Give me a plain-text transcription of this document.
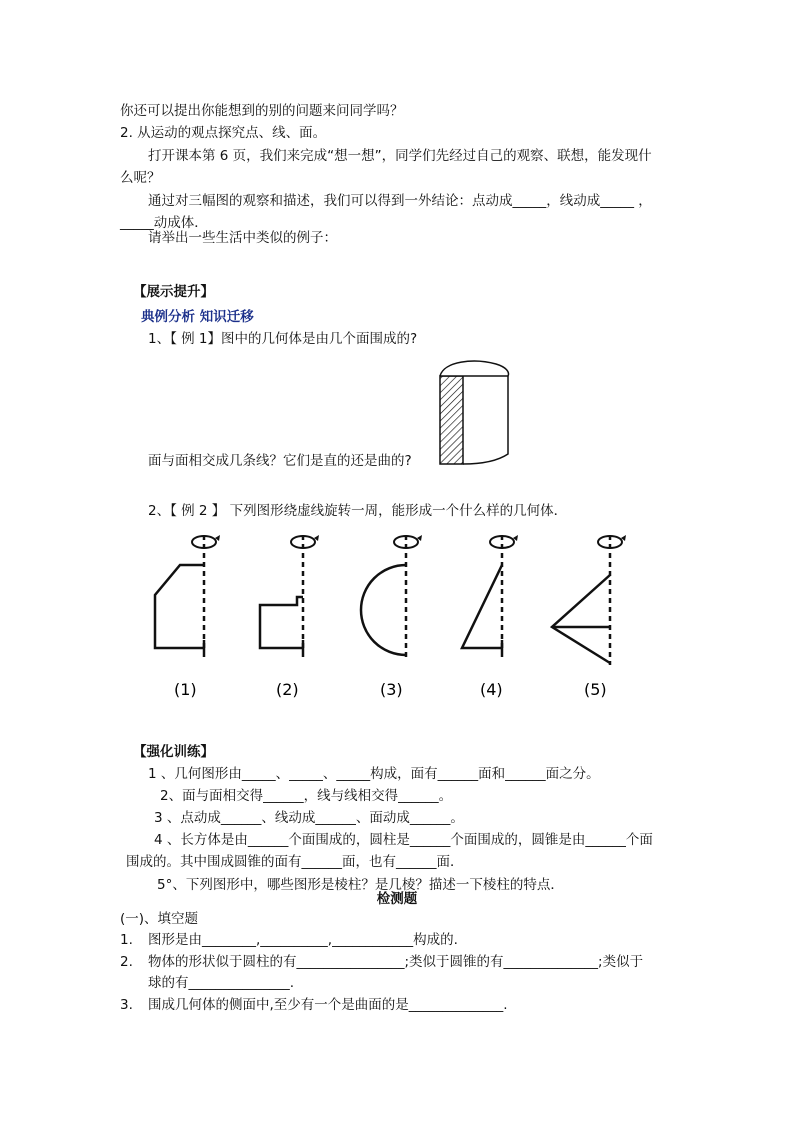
你还可以提出你能想到的别的问题来问同学吗？
2. 从运动的观点探究点、线、面。
打开课本第 6 页，我们来完成“想一想”，同学们先经过自己的观察、联想，能发现什
么呢？
通过对三幅图的观察和描述，我们可以得到一外结论：点动成_____，线动成_____ ，
_____动成体．
请举出一些生活中类似的例子：
【展示提升】
典例分析 知识迁移
1、【 例 1】图中的几何体是由几个面围成的?
面与面相交成几条线？它们是直的还是曲的?
2、【 例 2 】 下列图形绕虚线旋转一周，能形成一个什么样的几何体．
(1)	(2)	(3)	(4)	(5)
【强化训练】
1 、几何图形由_____、_____、_____构成，面有______面和______面之分。
2、面与面相交得______，线与线相交得______。
3 、点动成______、线动成______、面动成______。
4 、长方体是由______个面围成的，圆柱是______个面围成的，圆锥是由______个面
围成的。其中围成圆锥的面有______面，也有______面．
5°、下列图形中，哪些图形是棱柱？是几棱？描述一下棱柱的特点．
检测题
(一)、填空题
1. 图形是由________,__________,____________构成的.
2. 物体的形状似于圆柱的有________________;类似于圆锥的有______________;类似于
球的有_______________.
3. 围成几何体的侧面中,至少有一个是曲面的是______________.
